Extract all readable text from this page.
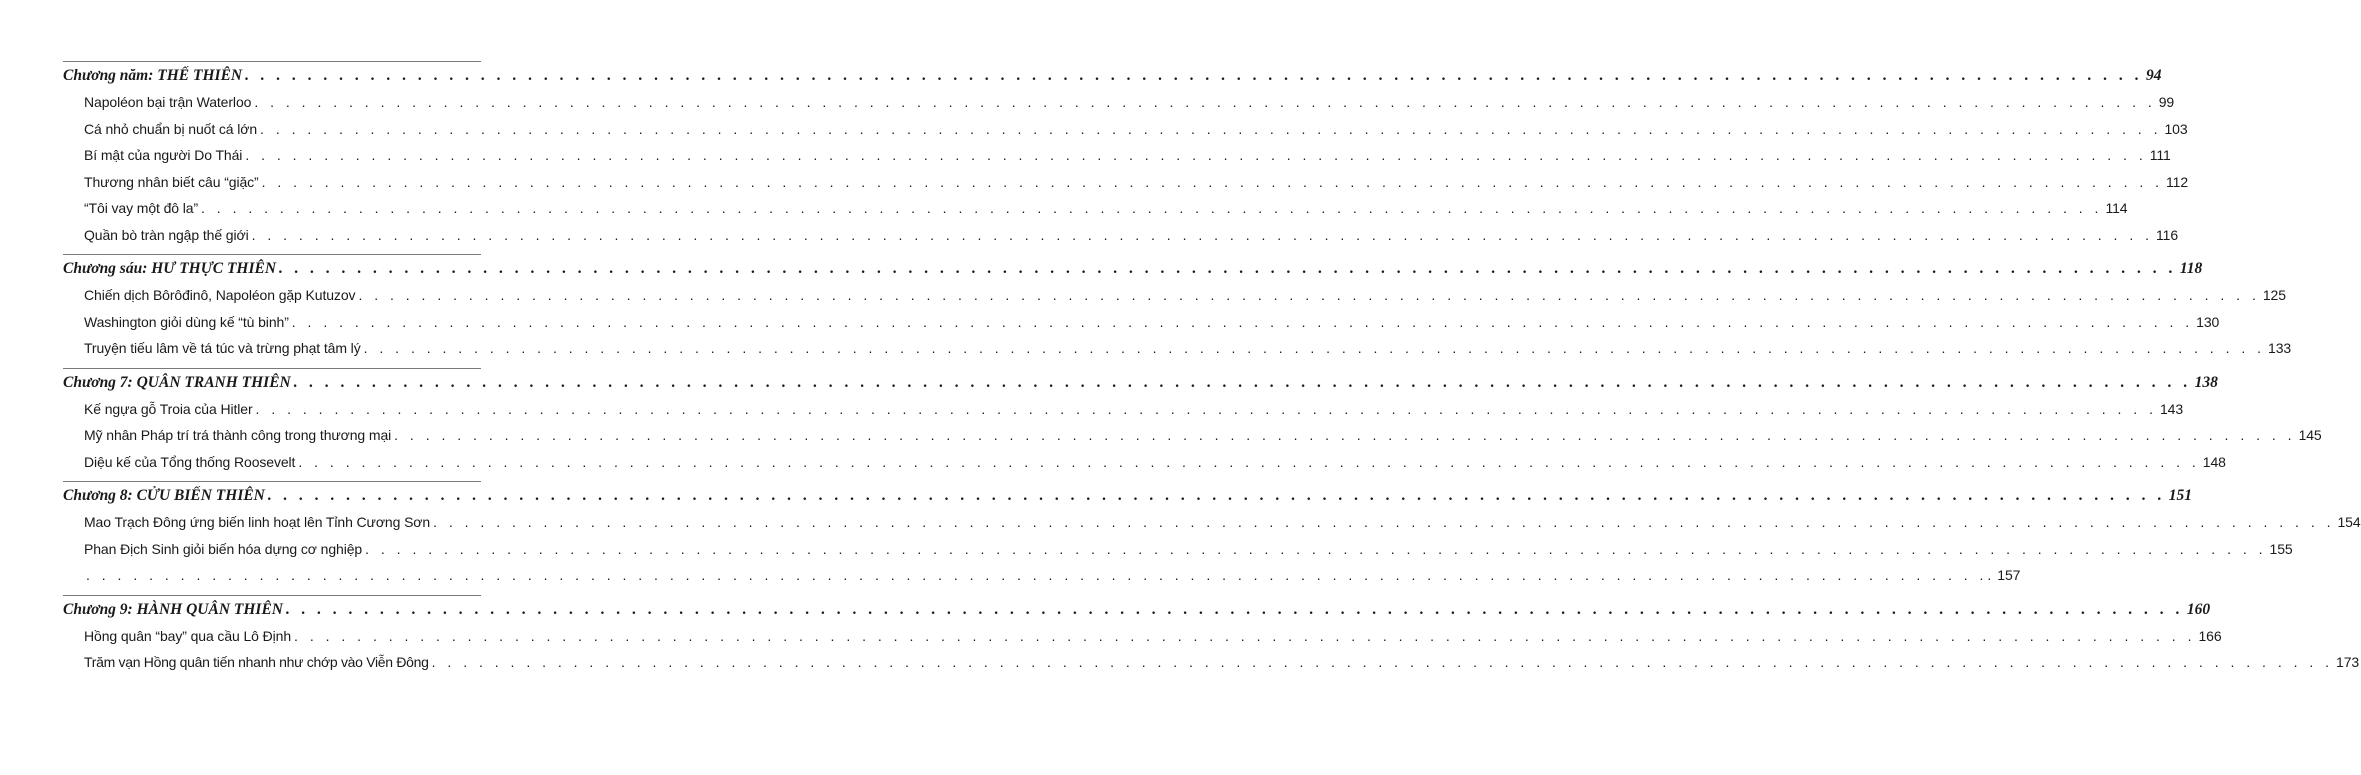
Chương năm: THẾ THIÊN . . .	94
Napoléon bại trận Waterloo . . .	99
Cá nhỏ chuẩn bị nuốt cá lớn . . .	103
Bí mật của người Do Thái . . .	111
Thương nhân biết câu “giặc” . . .	112
“Tôi vay một đô la” . . .	114
Quần bò tràn ngập thế giới . . .	116
Chương sáu: HƯ THỰC THIÊN . . .	118
Chiến dịch Bôrôđinô, Napoléon gặp Kutuzov . . .	125
Washington giỏi dùng kế “tù binh” . . .	130
Truyện tiếu lâm về tá túc và trừng phạt tâm lý . . .	133
Chương 7: QUÂN TRANH THIÊN . . .	138
Kế ngựa gỗ Troia của Hitler . . .	143
Mỹ nhân Pháp trí trá thành công trong thương mại . . .	145
Diệu kế của Tổng thống Roosevelt . . .	148
Chương 8: CỬU BIẾN THIÊN . . .	151
Mao Trạch Đông ứng biến linh hoạt lên Tỉnh Cương Sơn . . .	154
Phan Địch Sinh giỏi biến hóa dựng cơ nghiệp . . .	155
. . . . 157
Chương 9: HÀNH QUÂN THIÊN . . .	160
Hồng quân “bay” qua cầu Lô Định . . .	166
Trăm vạn Hồng quân tiến nhanh như chớp vào Viễn Đông . . .	173
